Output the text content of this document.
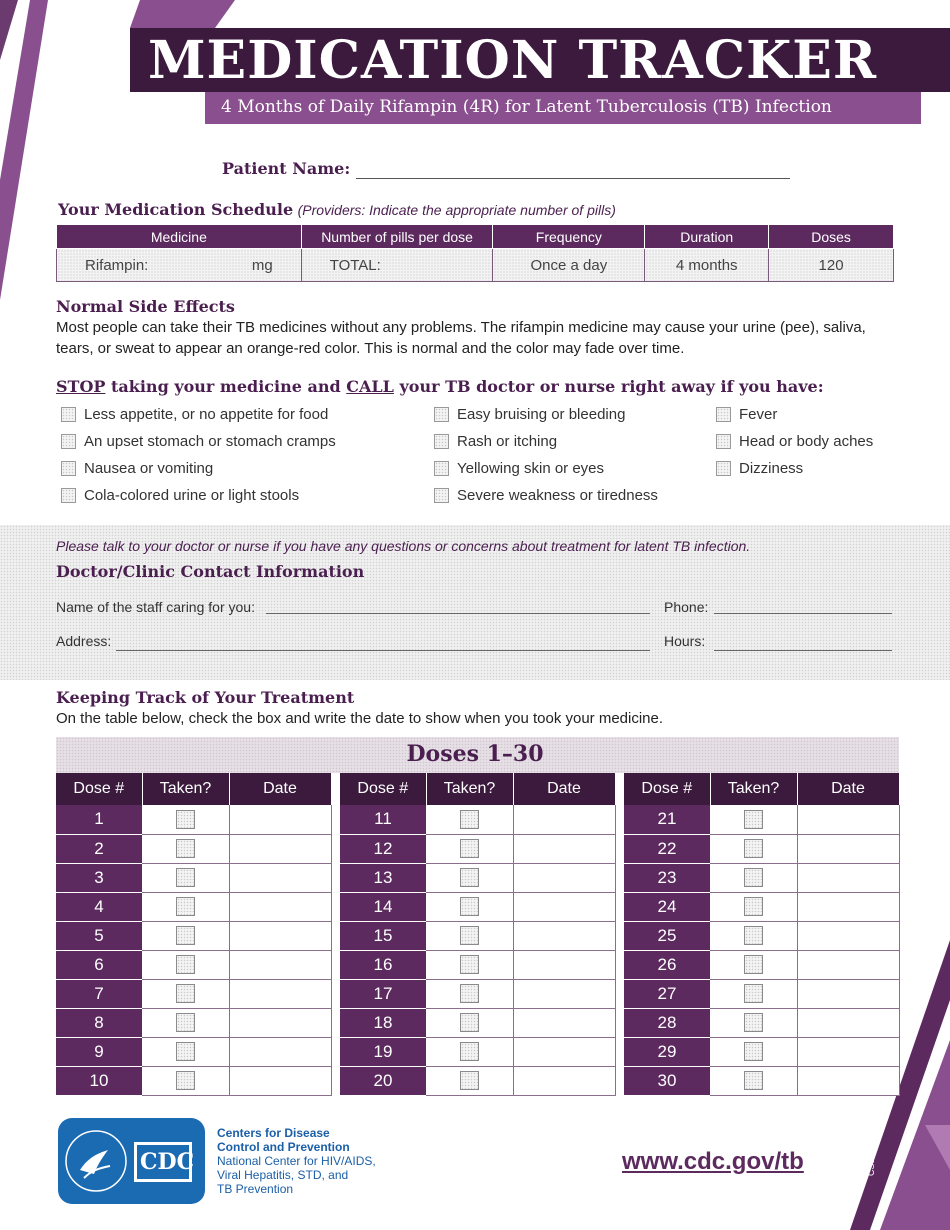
MEDICATION TRACKER
4 Months of Daily Rifampin (4R) for Latent Tuberculosis (TB) Infection
Patient Name:
Your Medication Schedule (Providers: Indicate the appropriate number of pills)
Medicine	Number of pills per dose	Frequency	Duration	Doses
Rifampin: mg	TOTAL:	Once a day	4 months	120
Normal Side Effects
Most people can take their TB medicines without any problems. The rifampin medicine may cause your urine (pee), saliva, tears, or sweat to appear an orange-red color. This is normal and the color may fade over time.
STOP taking your medicine and CALL your TB doctor or nurse right away if you have:
Less appetite, or no appetite for food
An upset stomach or stomach cramps
Nausea or vomiting
Cola-colored urine or light stools
Easy bruising or bleeding
Rash or itching
Yellowing skin or eyes
Severe weakness or tiredness
Fever
Head or body aches
Dizziness
Please talk to your doctor or nurse if you have any questions or concerns about treatment for latent TB infection.
Doctor/Clinic Contact Information
Name of the staff caring for you:	Phone:
Address:	Hours:
Keeping Track of Your Treatment
On the table below, check the box and write the date to show when you took your medicine.
Doses 1–30
Dose #	Taken?	Date
1		
2		
3		
4		
5		
6		
7		
8		
9		
10		
Dose #	Taken?	Date
11		
12		
13		
14		
15		
16		
17		
18		
19		
20		
Dose #	Taken?	Date
21		
22		
23		
24		
25		
26		
27		
28		
29		
30		
CDC
Centers for Disease
Control and Prevention
National Center for HIV/AIDS,
Viral Hepatitis, STD, and
TB Prevention
www.cdc.gov/tb	CS320204-B
